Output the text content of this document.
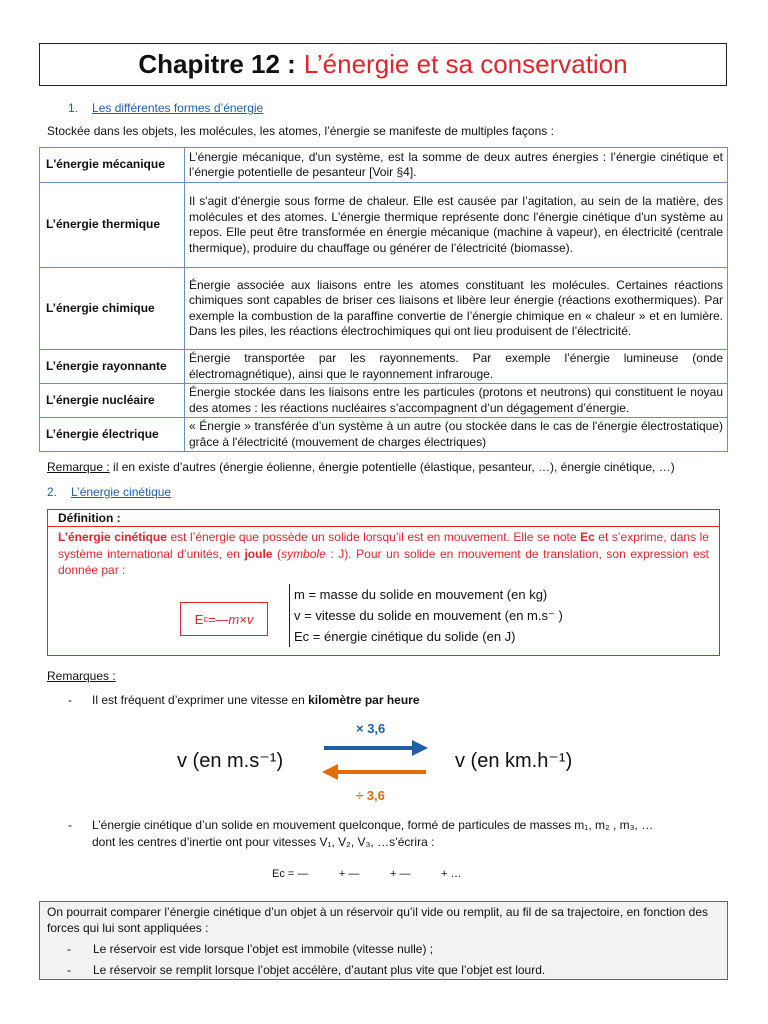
Chapitre 12 : L’énergie et sa conservation
1. Les différentes formes d’énergie
Stockée dans les objets, les molécules, les atomes, l’énergie se manifeste de multiples façons :
L'énergie mécanique	L’énergie mécanique, d'un système, est la somme de deux autres énergies : l’énergie cinétique et l’énergie potentielle de pesanteur [Voir §4].
L’énergie thermique	Il s'agit d'énergie sous forme de chaleur. Elle est causée par l’agitation, au sein de la matière, des molécules et des atomes. L'énergie thermique représente donc l'énergie cinétique d'un système au repos. Elle peut être transformée en énergie mécanique (machine à vapeur), en électricité (centrale thermique), produire du chauffage ou générer de l’électricité (biomasse).
L’énergie chimique	Énergie associée aux liaisons entre les atomes constituant les molécules. Certaines réactions chimiques sont capables de briser ces liaisons et libère leur énergie (réactions exothermiques). Par exemple la combustion de la paraffine convertie de l’énergie chimique en « chaleur » et en lumière. Dans les piles, les réactions électrochimiques qui ont lieu produisent de l’électricité.
L’énergie rayonnante	Énergie transportée par les rayonnements. Par exemple l’énergie lumineuse (onde électromagnétique), ainsi que le rayonnement infrarouge.
L’énergie nucléaire	Énergie stockée dans les liaisons entre les particules (protons et neutrons) qui constituent le noyau des atomes : les réactions nucléaires s’accompagnent d’un dégagement d’énergie.
L’énergie électrique	« Énergie » transférée d’un système à un autre (ou stockée dans le cas de l'énergie électrostatique) grâce à l'électricité (mouvement de charges électriques)
Remarque : il en existe d’autres (énergie éolienne, énergie potentielle (élastique, pesanteur, …), énergie cinétique, …)
2. L’énergie cinétique
Définition :
L’énergie cinétique est l’énergie que possède un solide lorsqu’il est en mouvement. Elle se note Ec et s’exprime, dans le système international d’unités, en joule (symbole : J). Pour un solide en mouvement de translation, son expression est donnée par :
E c =—m×v
m = masse du solide en mouvement (en kg)
v = vitesse du solide en mouvement (en m.s⁻ )
Ec = énergie cinétique du solide (en J)
Remarques :
- Il est fréquent d’exprimer une vitesse en kilomètre par heure
v (en m.s⁻¹)	v (en km.h⁻¹)
× 3,6
÷ 3,6
- L’énergie cinétique d’un solide en mouvement quelconque, formé de particules de masses m₁, m₂ , m₃, …
dont les centres d’inertie ont pour vitesses V₁, V₂, V₃, …s’écrira :
Ec = —          + —          + —          + …
On pourrait comparer l’énergie cinétique d’un objet à un réservoir qu’il vide ou remplit, au fil de sa trajectoire, en fonction des forces qui lui sont appliquées :
- Le réservoir est vide lorsque l’objet est immobile (vitesse nulle) ;
- Le réservoir se remplit lorsque l’objet accélère, d’autant plus vite que l’objet est lourd.
